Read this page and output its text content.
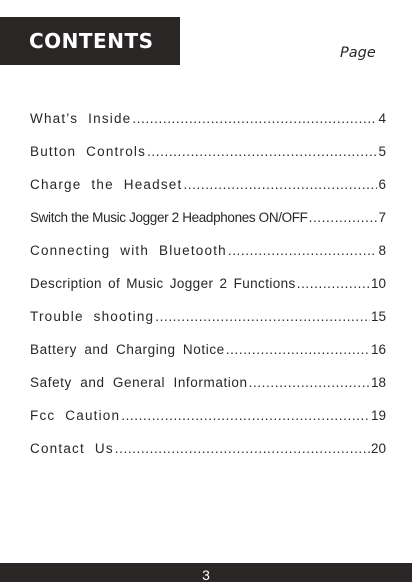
CONTENTS	Page
What’s Inside .....	4
Button Controls .....	5
Charge the Headset .....	6
Switch the Music Jogger 2 Headphones ON/OFF .....	7
Connecting with Bluetooth .....	8
Description of Music Jogger 2 Functions .....	10
Trouble shooting .....	15
Battery and Charging Notice .....	16
Safety and General Information .....	18
Fcc Caution .....	19
Contact Us .....	20
3
